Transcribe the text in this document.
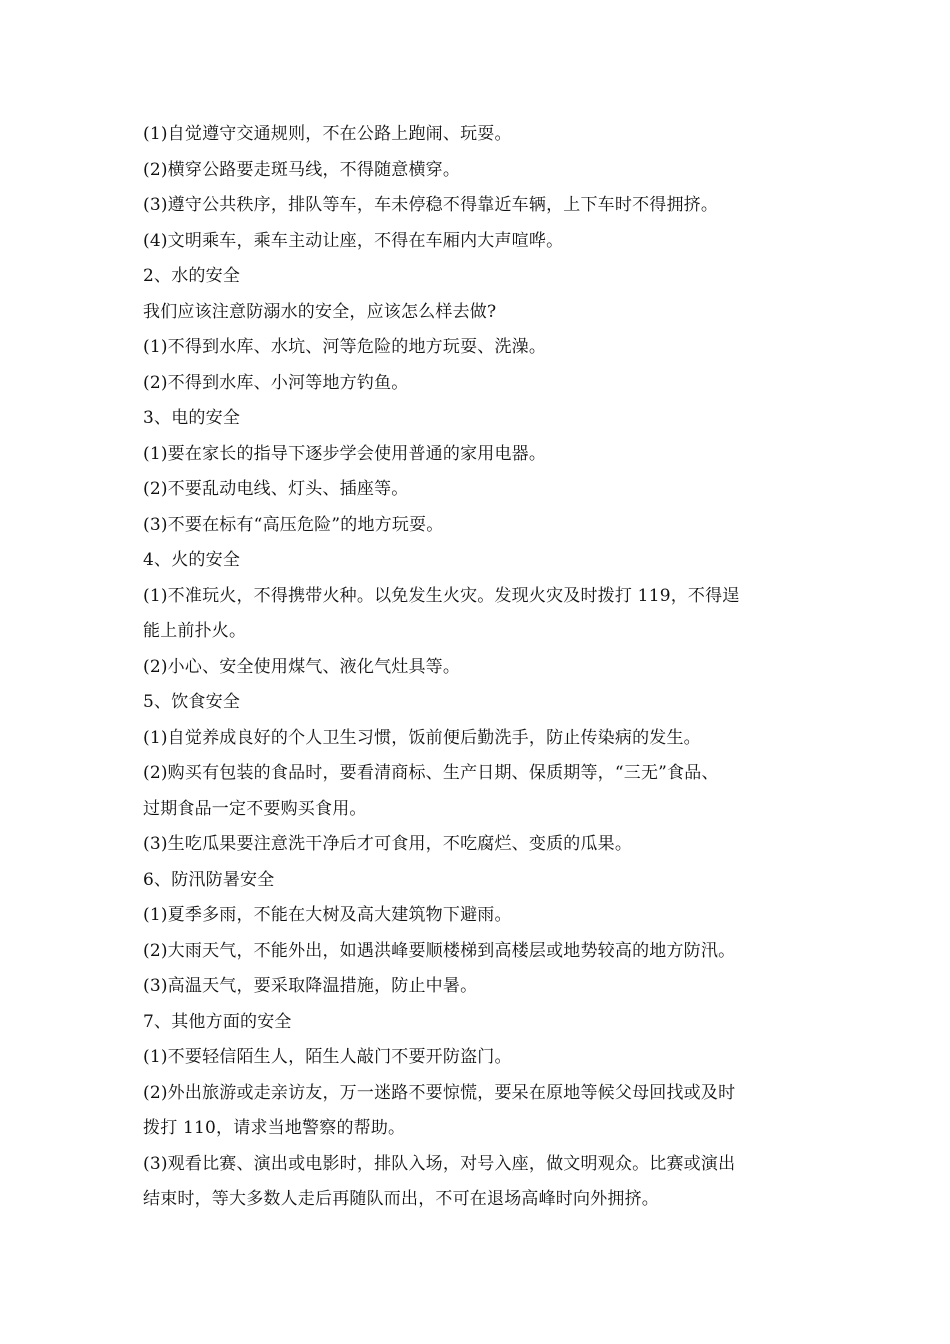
(1)自觉遵守交通规则，不在公路上跑闹、玩耍。
(2)横穿公路要走斑马线，不得随意横穿。
(3)遵守公共秩序，排队等车，车未停稳不得靠近车辆，上下车时不得拥挤。
(4)文明乘车，乘车主动让座，不得在车厢内大声喧哗。
2、水的安全
我们应该注意防溺水的安全，应该怎么样去做?
(1)不得到水库、水坑、河等危险的地方玩耍、洗澡。
(2)不得到水库、小河等地方钓鱼。
3、电的安全
(1)要在家长的指导下逐步学会使用普通的家用电器。
(2)不要乱动电线、灯头、插座等。
(3)不要在标有“高压危险”的地方玩耍。
4、火的安全
(1)不准玩火，不得携带火种。以免发生火灾。发现火灾及时拨打 119，不得逞
能上前扑火。
(2)小心、安全使用煤气、液化气灶具等。
5、饮食安全
(1)自觉养成良好的个人卫生习惯，饭前便后勤洗手，防止传染病的发生。
(2)购买有包装的食品时，要看清商标、生产日期、保质期等，“三无”食品、
过期食品一定不要购买食用。
(3)生吃瓜果要注意洗干净后才可食用，不吃腐烂、变质的瓜果。
6、防汛防暑安全
(1)夏季多雨，不能在大树及高大建筑物下避雨。
(2)大雨天气，不能外出，如遇洪峰要顺楼梯到高楼层或地势较高的地方防汛。
(3)高温天气，要采取降温措施，防止中暑。
7、其他方面的安全
(1)不要轻信陌生人，陌生人敲门不要开防盗门。
(2)外出旅游或走亲访友，万一迷路不要惊慌，要呆在原地等候父母回找或及时
拨打 110，请求当地警察的帮助。
(3)观看比赛、演出或电影时，排队入场，对号入座，做文明观众。比赛或演出
结束时，等大多数人走后再随队而出，不可在退场高峰时向外拥挤。
